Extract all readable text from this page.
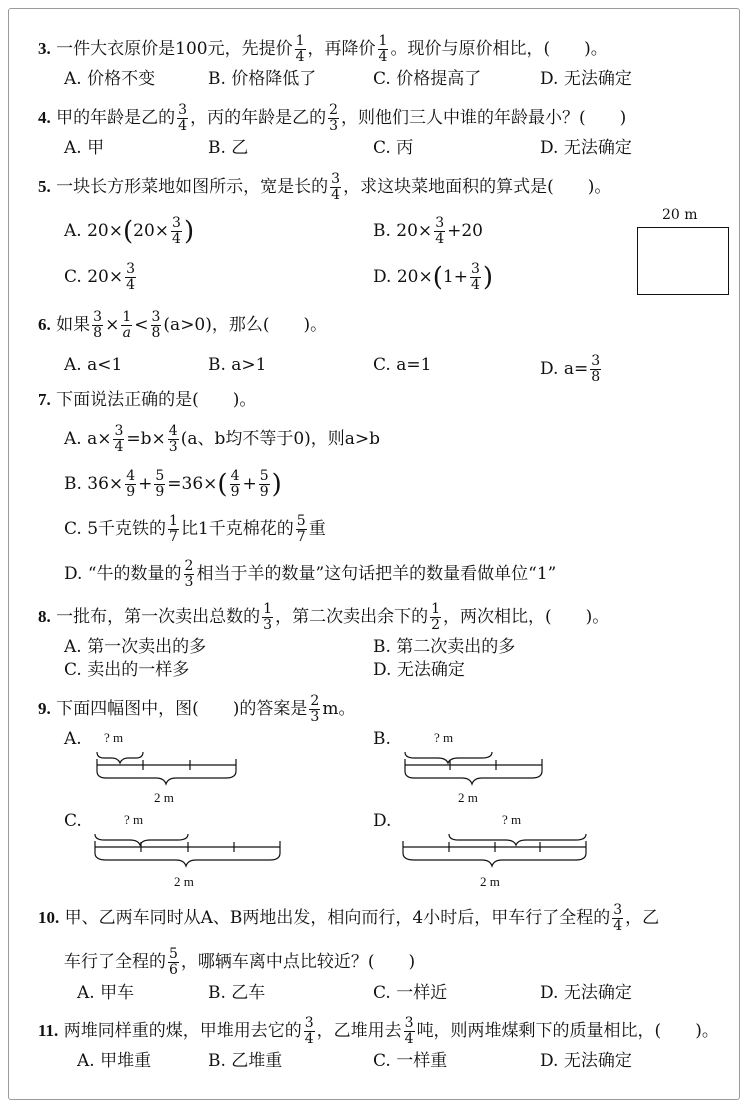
3. 一件大衣原价是100元，先提价 $\frac{1}{4}$ ，再降价 $\frac{1}{4}$ 。现价与原价相比，(　　)。
A. 价格不变	B. 价格降低了	C. 价格提高了	D. 无法确定
4. 甲的年龄是乙的 $\frac{3}{4}$ ，丙的年龄是乙的 $\frac{2}{3}$ ，则他们三人中谁的年龄最小？(　　)
A. 甲	B. 乙	C. 丙	D. 无法确定
5. 一块长方形菜地如图所示，宽是长的 $\frac{3}{4}$ ，求这块菜地面积的算式是(　　)。
A. $20\times(20\times \frac{3}{4}$ )	B. $20\times \frac{3}{4} +20$
C. $20\times \frac{3}{4}$	D. $20\times(1+ \frac{3}{4}$ )
20 m
6. 如果 $\frac{3}{8} \times \frac{1}{a} < \frac{3}{8} (a>0)$，那么(　　)。
A. a<1	B. a>1	C. a=1	D. $a= \frac{3}{8}$
7. 下面说法正确的是(　　)。
A. $a\times \frac{3}{4} =b\times \frac{4}{3} (a$、b均不等于0)，则a>b
B. $36\times \frac{4}{9} + \frac{5}{9} =36\times( \frac{4}{9} + \frac{5}{9}$ )
C. 5千克铁的 $\frac{1}{7}$ 比1千克棉花的 $\frac{5}{7}$ 重
D. “牛的数量的 $\frac{2}{3}$ 相当于羊的数量”这句话把羊的数量看做单位“1”
8. 一批布，第一次卖出总数的 $\frac{1}{3}$ ，第二次卖出余下的 $\frac{1}{2}$ ，两次相比，(　　)。
A. 第一次卖出的多	B. 第二次卖出的多
C. 卖出的一样多	D. 无法确定
9. 下面四幅图中，图(　　)的答案是 $\frac{2}{3}$ m。
A. ? m
2 m
B.	? m
2 m
C.	? m
2 m
D.	? m
2 m
10. 甲、乙两车同时从A、B两地出发，相向而行，4小时后，甲车行了全程的 $\frac{3}{4}$ ，乙
车行了全程的 $\frac{5}{6}$ ，哪辆车离中点比较近？(　　)
A. 甲车	B. 乙车	C. 一样近	D. 无法确定
11. 两堆同样重的煤，甲堆用去它的 $\frac{3}{4}$ ，乙堆用去 $\frac{3}{4}$ 吨，则两堆煤剩下的质量相比，(　　)。
A. 甲堆重	B. 乙堆重	C. 一样重	D. 无法确定
